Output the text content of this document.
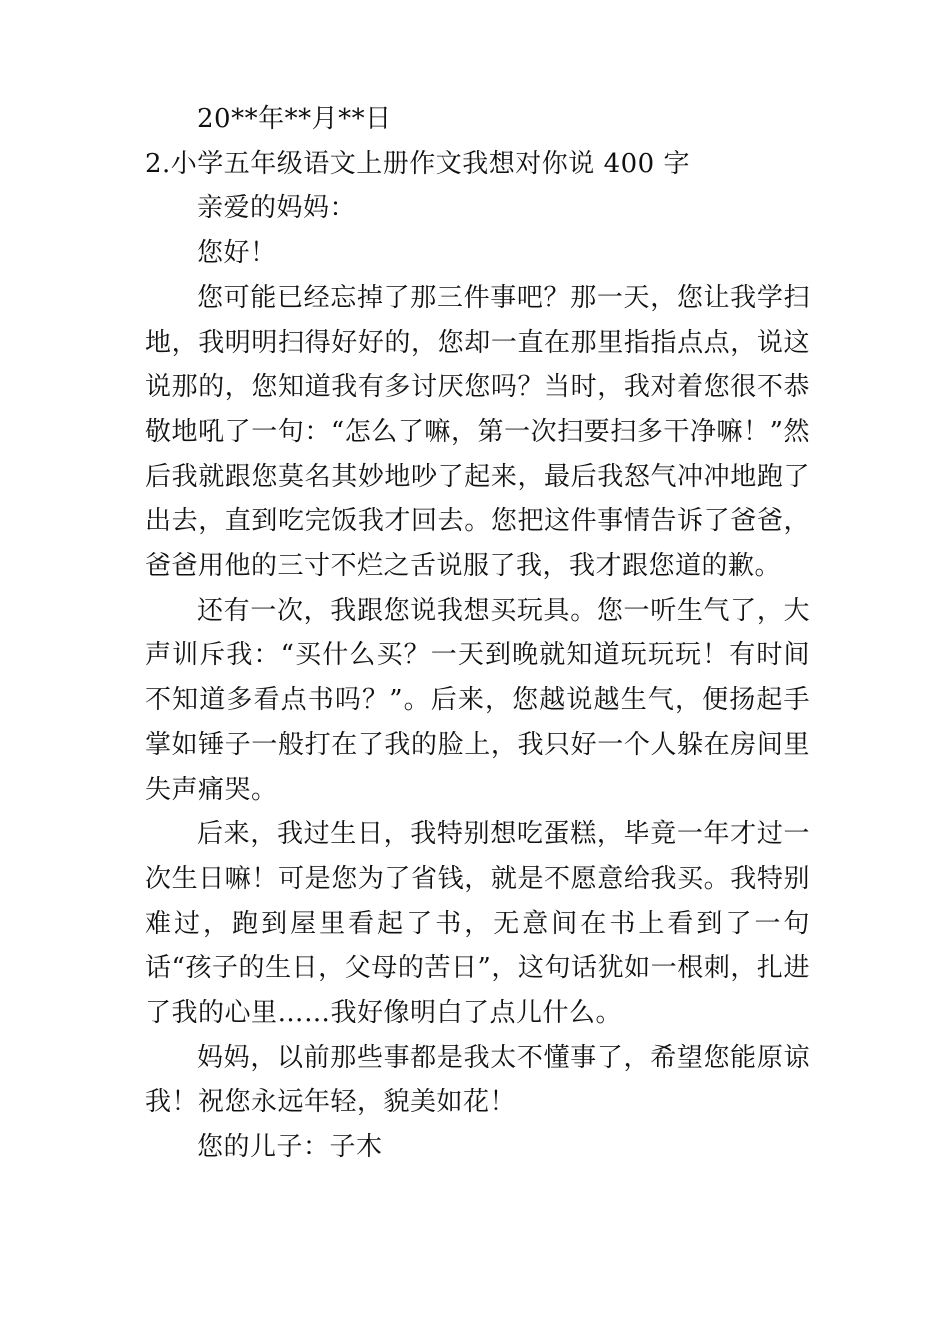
20**年**月**日

2.小学五年级语文上册作文我想对你说 400 字

亲爱的妈妈：

您好！

您可能已经忘掉了那三件事吧？那一天，您让我学扫地，我明明扫得好好的，您却一直在那里指指点点，说这说那的，您知道我有多讨厌您吗？当时，我对着您很不恭敬地吼了一句：“怎么了嘛，第一次扫要扫多干净嘛！”然后我就跟您莫名其妙地吵了起来，最后我怒气冲冲地跑了出去，直到吃完饭我才回去。您把这件事情告诉了爸爸，爸爸用他的三寸不烂之舌说服了我，我才跟您道的歉。

还有一次，我跟您说我想买玩具。您一听生气了，大声训斥我：“买什么买？一天到晚就知道玩玩玩！有时间不知道多看点书吗？”。后来，您越说越生气，便扬起手掌如锤子一般打在了我的脸上，我只好一个人躲在房间里失声痛哭。

后来，我过生日，我特别想吃蛋糕，毕竟一年才过一次生日嘛！可是您为了省钱，就是不愿意给我买。我特别难过，跑到屋里看起了书，无意间在书上看到了一句话“孩子的生日，父母的苦日”，这句话犹如一根刺，扎进了我的心里……我好像明白了点儿什么。

妈妈，以前那些事都是我太不懂事了，希望您能原谅我！祝您永远年轻，貌美如花！

您的儿子：子木
